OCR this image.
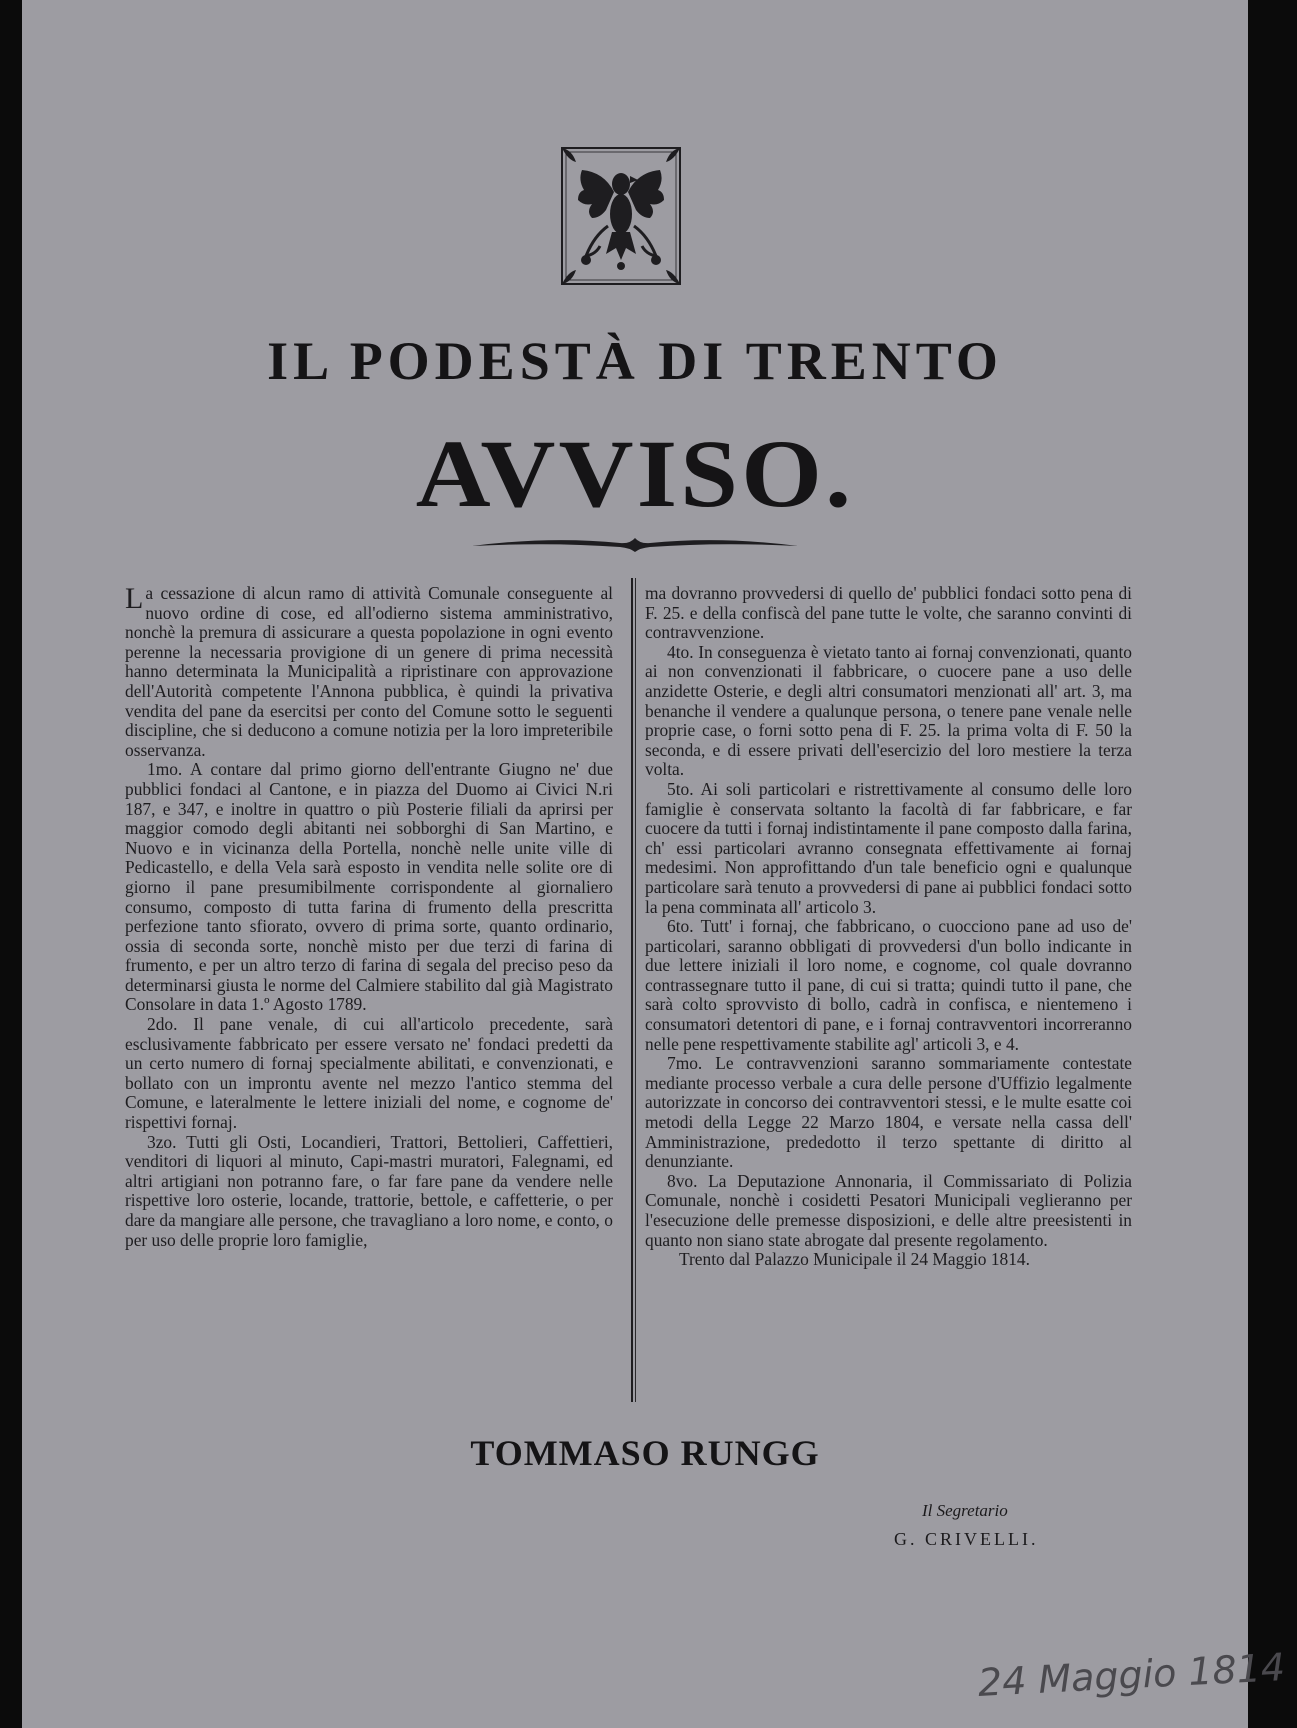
IL PODESTÀ DI TRENTO
AVVISO.

La cessazione di alcun ramo di attività Comunale conseguente al nuovo ordine di cose, ed all'odierno sistema amministrativo, nonchè la premura di assicurare a questa popolazione in ogni evento perenne la necessaria provigione di un genere di prima necessità hanno determinata la Municipalità a ripristinare con approvazione dell'Autorità competente l'Annona pubblica, è quindi la privativa vendita del pane da esercitsi per conto del Comune sotto le seguenti discipline, che si deducono a comune notizia per la loro impreteribile osservanza.

1mo. A contare dal primo giorno dell'entrante Giugno ne' due pubblici fondaci al Cantone, e in piazza del Duomo ai Civici N.ri 187, e 347, e inoltre in quattro o più Posterie filiali da aprirsi per maggior comodo degli abitanti nei sobborghi di San Martino, e Nuovo e in vicinanza della Portella, nonchè nelle unite ville di Pedicastello, e della Vela sarà esposto in vendita nelle solite ore di giorno il pane presumibilmente corrispondente al giornaliero consumo, composto di tutta farina di frumento della prescritta perfezione tanto sfiorato, ovvero di prima sorte, quanto ordinario, ossia di seconda sorte, nonchè misto per due terzi di farina di frumento, e per un altro terzo di farina di segala del preciso peso da determinarsi giusta le norme del Calmiere stabilito dal già Magistrato Consolare in data 1.º Agosto 1789.

2do. Il pane venale, di cui all'articolo precedente, sarà esclusivamente fabbricato per essere versato ne' fondaci predetti da un certo numero di fornaj specialmente abilitati, e convenzionati, e bollato con un improntu avente nel mezzo l'antico stemma del Comune, e lateralmente le lettere iniziali del nome, e cognome de' rispettivi fornaj.

3zo. Tutti gli Osti, Locandieri, Trattori, Bettolieri, Caffettieri, venditori di liquori al minuto, Capi-mastri muratori, Falegnami, ed altri artigiani non potranno fare, o far fare pane da vendere nelle rispettive loro osterie, locande, trattorie, bettole, e caffetterie, o per dare da mangiare alle persone, che travagliano a loro nome, e conto, o per uso delle proprie loro famiglie,

ma dovranno provvedersi di quello de' pubblici fondaci sotto pena di F. 25. e della confiscà del pane tutte le volte, che saranno convinti di contravvenzione.

4to. In conseguenza è vietato tanto ai fornaj convenzionati, quanto ai non convenzionati il fabbricare, o cuocere pane a uso delle anzidette Osterie, e degli altri consumatori menzionati all' art. 3, ma benanche il vendere a qualunque persona, o tenere pane venale nelle proprie case, o forni sotto pena di F. 25. la prima volta di F. 50 la seconda, e di essere privati dell'esercizio del loro mestiere la terza volta.

5to. Ai soli particolari e ristrettivamente al consumo delle loro famiglie è conservata soltanto la facoltà di far fabbricare, e far cuocere da tutti i fornaj indistintamente il pane composto dalla farina, ch' essi particolari avranno consegnata effettivamente ai fornaj medesimi. Non approfittando d'un tale beneficio ogni e qualunque particolare sarà tenuto a provvedersi di pane ai pubblici fondaci sotto la pena comminata all' articolo 3.

6to. Tutt' i fornaj, che fabbricano, o cuocciono pane ad uso de' particolari, saranno obbligati di provvedersi d'un bollo indicante in due lettere iniziali il loro nome, e cognome, col quale dovranno contrassegnare tutto il pane, di cui si tratta; quindi tutto il pane, che sarà colto sprovvisto di bollo, cadrà in confisca, e nientemeno i consumatori detentori di pane, e i fornaj contravventori incorreranno nelle pene respettivamente stabilite agl' articoli 3, e 4.

7mo. Le contravvenzioni saranno sommariamente contestate mediante processo verbale a cura delle persone d'Uffizio legalmente autorizzate in concorso dei contravventori stessi, e le multe esatte coi metodi della Legge 22 Marzo 1804, e versate nella cassa dell' Amministrazione, prededotto il terzo spettante di diritto al denunziante.

8vo. La Deputazione Annonaria, il Commissariato di Polizia Comunale, nonchè i cosidetti Pesatori Municipali veglieranno per l'esecuzione delle premesse disposizioni, e delle altre preesistenti in quanto non siano state abrogate dal presente regolamento.

Trento dal Palazzo Municipale il 24 Maggio 1814.

TOMMASO RUNGG
Il Segretario
G. CRIVELLI.
24 Maggio 1814
